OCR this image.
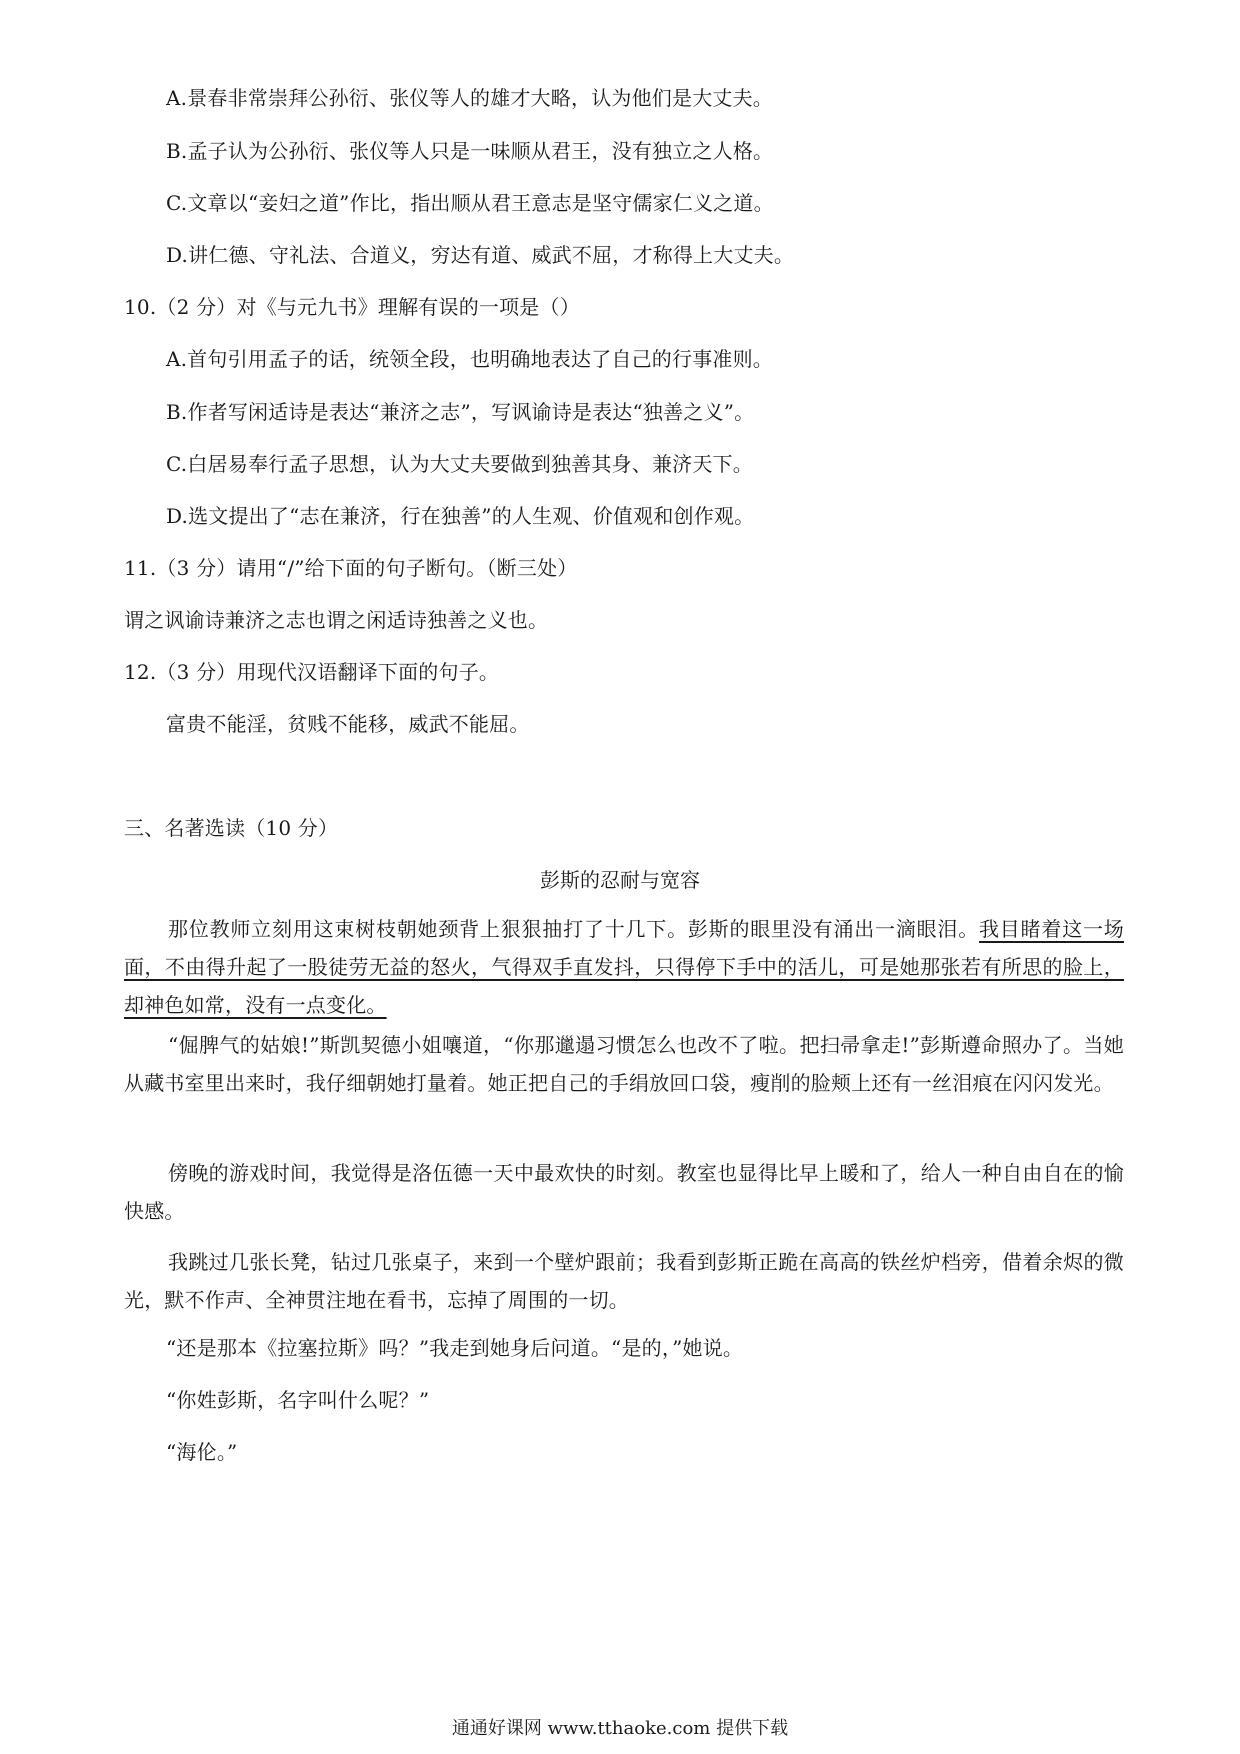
A.景春非常崇拜公孙衍、张仪等人的雄才大略，认为他们是大丈夫。
B.孟子认为公孙衍、张仪等人只是一味顺从君王，没有独立之人格。
C.文章以“妾妇之道”作比，指出顺从君王意志是坚守儒家仁义之道。
D.讲仁德、守礼法、合道义，穷达有道、威武不屈，才称得上大丈夫。
10.（2 分）对《与元九书》理解有误的一项是（）
A.首句引用孟子的话，统领全段，也明确地表达了自己的行事准则。
B.作者写闲适诗是表达“兼济之志”，写讽谕诗是表达“独善之义”。
C.白居易奉行孟子思想，认为大丈夫要做到独善其身、兼济天下。
D.选文提出了“志在兼济，行在独善”的人生观、价值观和创作观。
11.（3 分）请用“/”给下面的句子断句。（断三处）
谓之讽谕诗兼济之志也谓之闲适诗独善之义也。
12.（3 分）用现代汉语翻译下面的句子。
富贵不能淫，贫贱不能移，威武不能屈。
三、名著选读（10 分）
彭斯的忍耐与宽容
那位教师立刻用这束树枝朝她颈背上狠狠抽打了十几下。彭斯的眼里没有涌出一滴眼泪。我目睹着这一场面，不由得升起了一股徒劳无益的怒火，气得双手直发抖，只得停下手中的活儿，可是她那张若有所思的脸上，却神色如常，没有一点变化。
“倔脾气的姑娘!”斯凯契德小姐嚷道，“你那邋遢习惯怎么也改不了啦。把扫帚拿走!”彭斯遵命照办了。当她从藏书室里出来时，我仔细朝她打量着。她正把自己的手绢放回口袋，瘦削的脸颊上还有一丝泪痕在闪闪发光。
傍晚的游戏时间，我觉得是洛伍德一天中最欢快的时刻。教室也显得比早上暖和了，给人一种自由自在的愉快感。
我跳过几张长凳，钻过几张桌子，来到一个壁炉跟前；我看到彭斯正跪在高高的铁丝炉档旁，借着余烬的微光，默不作声、全神贯注地在看书，忘掉了周围的一切。
“还是那本《拉塞拉斯》吗？”我走到她身后问道。“是的，”她说。
“你姓彭斯，名字叫什么呢？”
“海伦。”
通通好课网 www.tthaoke.com 提供下载
